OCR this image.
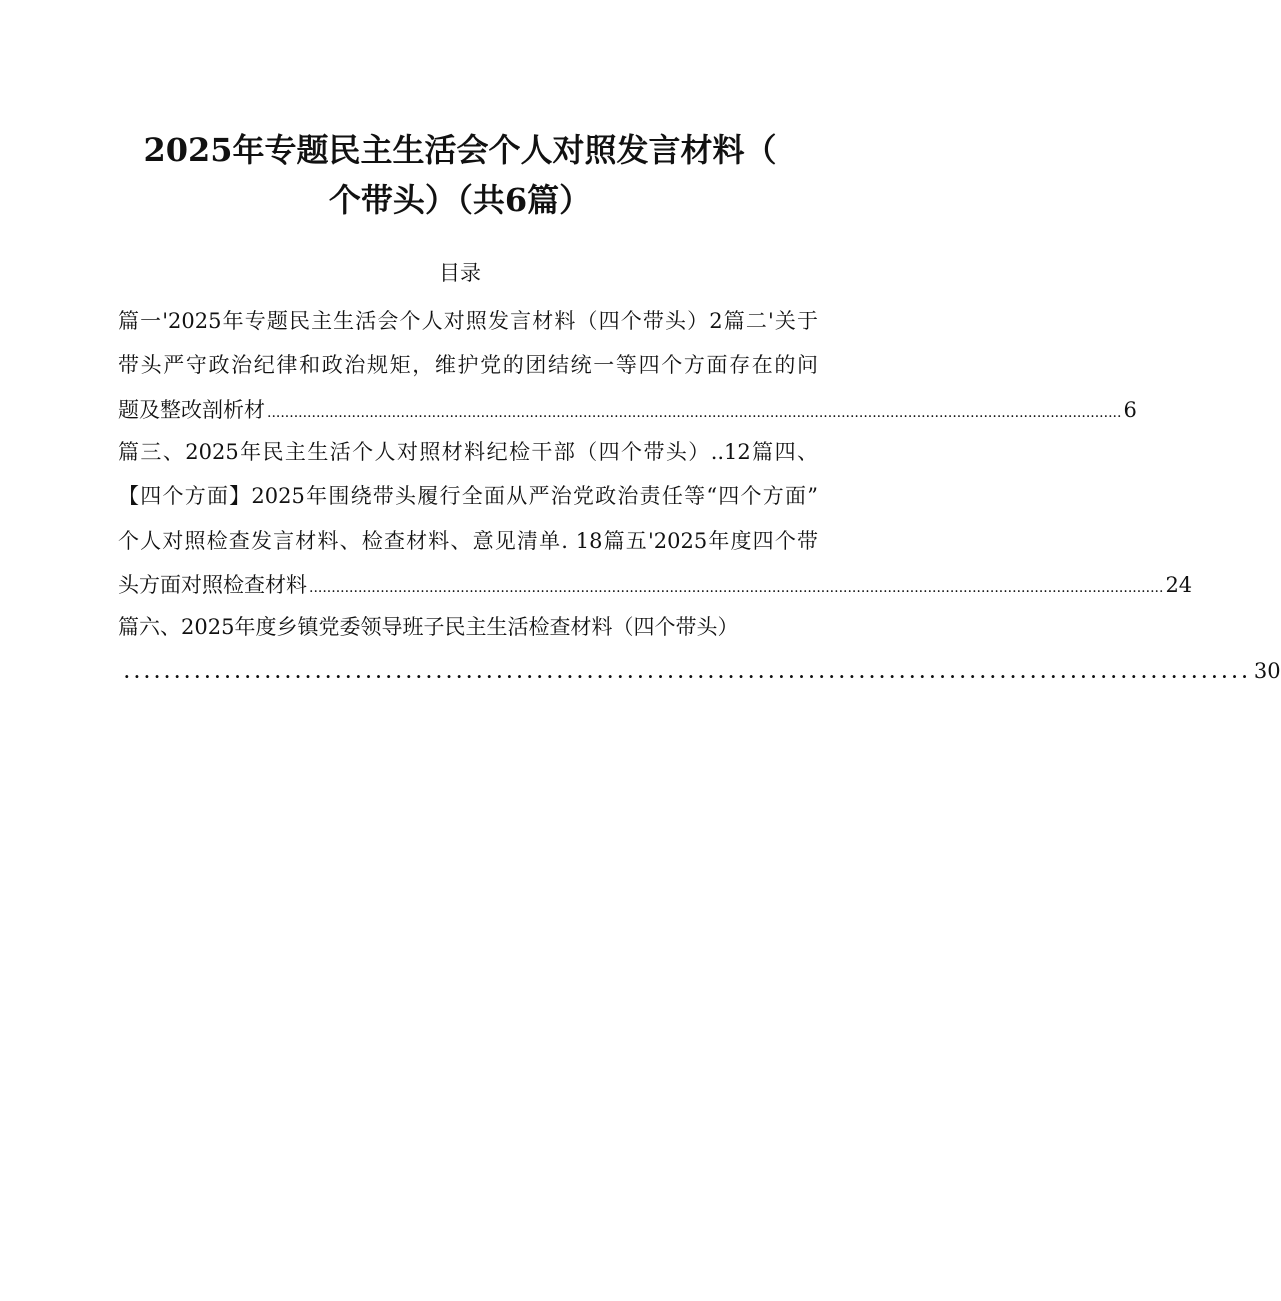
2025年专题民主生活会个人对照发言材料（
个带头）（共6篇）
目录
篇一'2025年专题民主生活会个人对照发言材料（四个带头）2篇二'关于
带头严守政治纪律和政治规矩，维护党的团结统一等四个方面存在的问
题及整改剖析材 ................................................................................................................................................................................................ 6
篇三、2025年民主生活个人对照材料纪检干部（四个带头）..12篇四、
【四个方面】2025年围绕带头履行全面从严治党政治责任等“四个方面”
个人对照检查发言材料、检查材料、意见清单. 18篇五'2025年度四个带
头方面对照检查材料 ................................................................................................................................................................................................ 24
篇六、2025年度乡镇党委领导班子民主生活检查材料（四个带头）
................................................................................................................ 30
